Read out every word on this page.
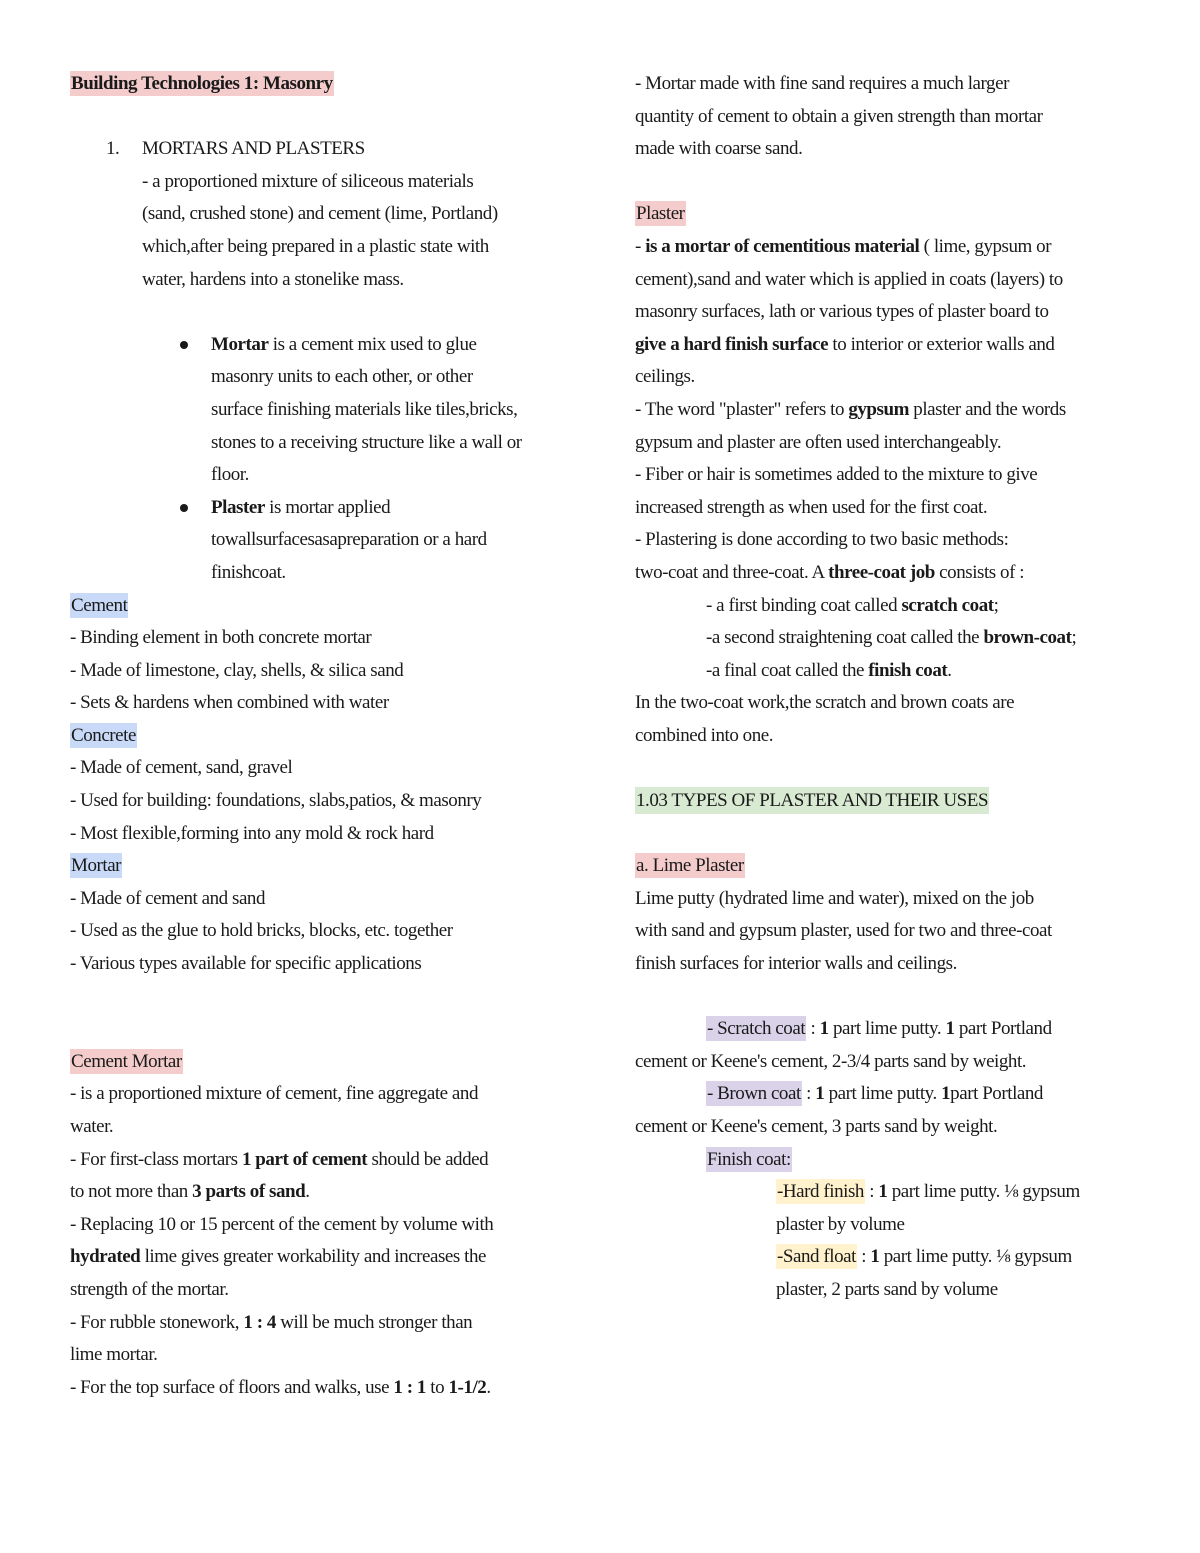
Building Technologies 1: Masonry
1. MORTARS AND PLASTERS
- a proportioned mixture of siliceous materials
(sand, crushed stone) and cement (lime, Portland)
which,after being prepared in a plastic state with
water, hardens into a stonelike mass.
Mortar is a cement mix used to glue
masonry units to each other, or other
surface finishing materials like tiles,bricks,
stones to a receiving structure like a wall or
floor.
Plaster is mortar applied
towallsurfacesasapreparation or a hard
finishcoat.
Cement
- Binding element in both concrete mortar
- Made of limestone, clay, shells, & silica sand
- Sets & hardens when combined with water
Concrete
- Made of cement, sand, gravel
- Used for building: foundations, slabs,patios, & masonry
- Most flexible,forming into any mold & rock hard
Mortar
- Made of cement and sand
- Used as the glue to hold bricks, blocks, etc. together
- Various types available for specific applications
Cement Mortar
- is a proportioned mixture of cement, fine aggregate and
water.
- For first-class mortars 1 part of cement should be added
to not more than 3 parts of sand.
- Replacing 10 or 15 percent of the cement by volume with
hydrated lime gives greater workability and increases the
strength of the mortar.
- For rubble stonework, 1 : 4 will be much stronger than
lime mortar.
- For the top surface of floors and walks, use 1 : 1 to 1-1/2.
- Mortar made with fine sand requires a much larger
quantity of cement to obtain a given strength than mortar
made with coarse sand.
Plaster
- is a mortar of cementitious material ( lime, gypsum or
cement),sand and water which is applied in coats (layers) to
masonry surfaces, lath or various types of plaster board to
give a hard finish surface to interior or exterior walls and
ceilings.
- The word "plaster" refers to gypsum plaster and the words
gypsum and plaster are often used interchangeably.
- Fiber or hair is sometimes added to the mixture to give
increased strength as when used for the first coat.
- Plastering is done according to two basic methods:
two-coat and three-coat. A three-coat job consists of :
- a first binding coat called scratch coat;
-a second straightening coat called the brown-coat;
-a final coat called the finish coat.
In the two-coat work,the scratch and brown coats are
combined into one.
1.03 TYPES OF PLASTER AND THEIR USES
a. Lime Plaster
Lime putty (hydrated lime and water), mixed on the job
with sand and gypsum plaster, used for two and three-coat
finish surfaces for interior walls and ceilings.
- Scratch coat : 1 part lime putty. 1 part Portland
cement or Keene's cement, 2-3/4 parts sand by weight.
- Brown coat : 1 part lime putty. 1part Portland
cement or Keene's cement, 3 parts sand by weight.
Finish coat:
-Hard finish : 1 part lime putty. ⅛ gypsum
plaster by volume
-Sand float : 1 part lime putty. ⅛ gypsum
plaster, 2 parts sand by volume
